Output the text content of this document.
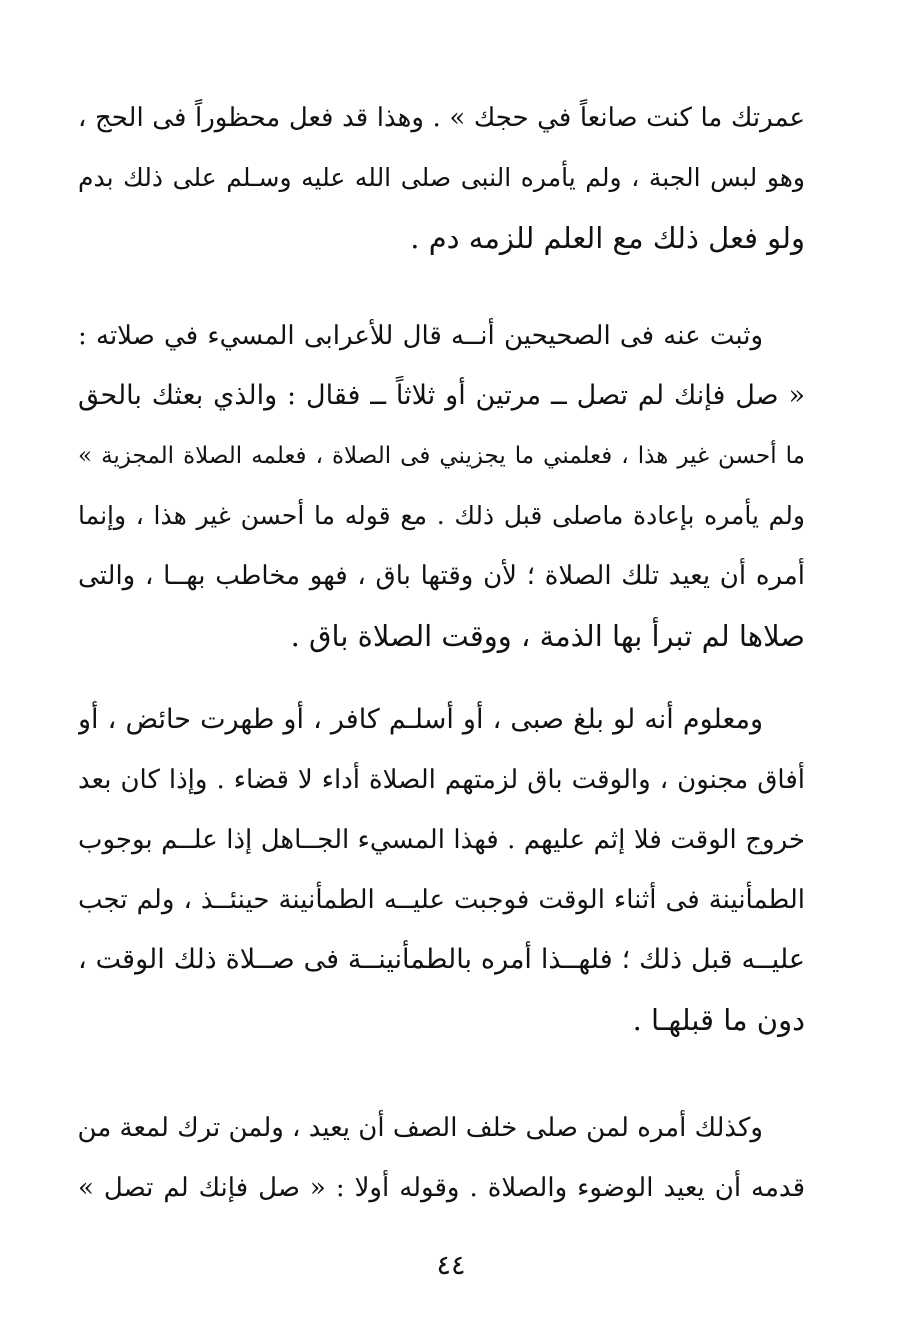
عمرتك ما كنت صانعاً في حجك » . وهذا قد فعل محظوراً فى الحج ،
وهو لبس الجبة ، ولم يأمره النبى صلى الله عليه وسـلم على ذلك بدم
ولو فعل ذلك مع العلم للزمه دم .
وثبت عنه فى الصحيحين أنــه قال للأعرابى المسيء في صلاته :
« صل فإنك لم تصل ــ مرتين أو ثلاثاً ــ فقال : والذي بعثك بالحق
ما أحسن غير هذا ، فعلمني ما يجزيني فى الصلاة ، فعلمه الصلاة المجزية »
ولم يأمره بإعادة ماصلى قبل ذلك . مع قوله ما أحسن غير هذا ، وإنما
أمره أن يعيد تلك الصلاة ؛ لأن وقتها باق ، فهو مخاطب بهــا ، والتى
صلاها لم تبرأ بها الذمة ، ووقت الصلاة باق .
ومعلوم أنه لو بلغ صبى ، أو أسلـم كافر ، أو طهرت حائض ، أو
أفاق مجنون ، والوقت باق لزمتهم الصلاة أداء لا قضاء . وإذا كان بعد
خروج الوقت فلا إثم عليهم . فهذا المسيء الجــاهل إذا علــم بوجوب
الطمأنينة فى أثناء الوقت فوجبت عليــه الطمأنينة حينئــذ ، ولم تجب
عليــه قبل ذلك ؛ فلهــذا أمره بالطمأنينــة فى صــلاة ذلك الوقت ،
دون ما قبلهـا .
وكذلك أمره لمن صلى خلف الصف أن يعيد ، ولمن ترك لمعة من
قدمه أن يعيد الوضوء والصلاة . وقوله أولا : « صل فإنك لم تصل »
٤٤
